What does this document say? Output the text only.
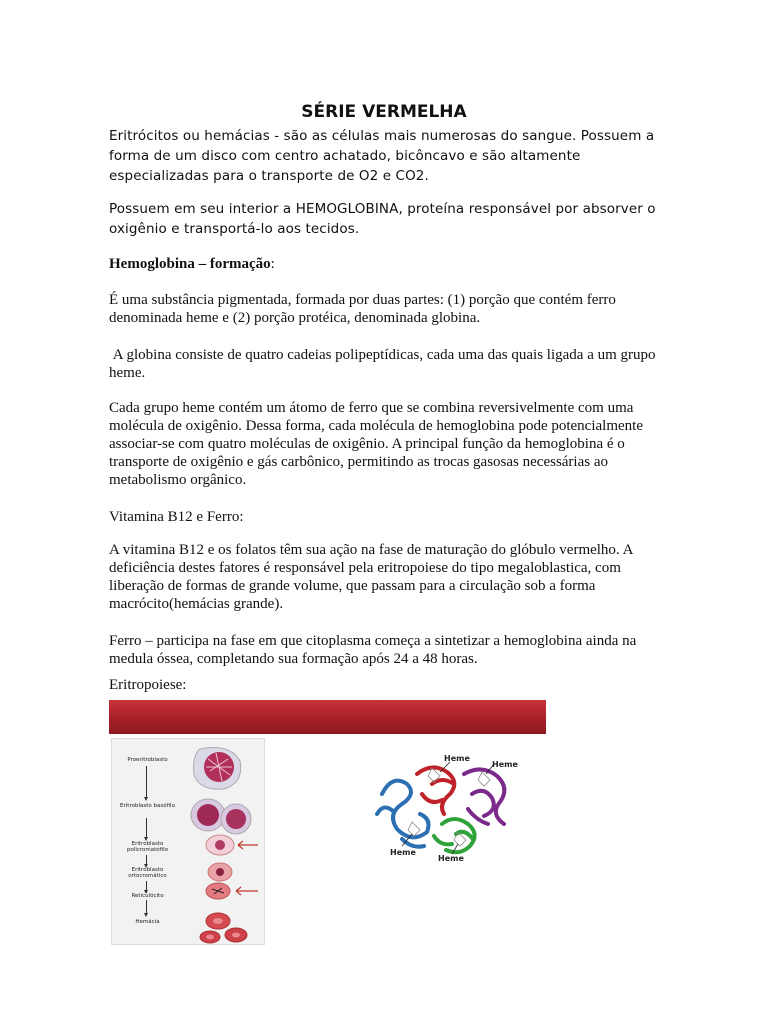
SÉRIE VERMELHA

Eritrócitos ou hemácias - são as células mais numerosas do sangue. Possuem a forma de um disco com centro achatado, bicôncavo e são altamente especializadas para o transporte de O2 e CO2.

Possuem em seu interior a HEMOGLOBINA, proteína responsável por absorver o oxigênio e transportá-lo aos tecidos.

Hemoglobina – formação:

É uma substância pigmentada, formada por duas partes: (1) porção que contém ferro denominada heme e (2) porção protéica, denominada globina.

A globina consiste de quatro cadeias polipeptídicas, cada uma das quais ligada a um grupo heme.

Cada grupo heme contém um átomo de ferro que se combina reversivelmente com uma molécula de oxigênio. Dessa forma, cada molécula de hemoglobina pode potencialmente associar-se com quatro moléculas de oxigênio. A principal função da hemoglobina é o transporte de oxigênio e gás carbônico, permitindo as trocas gasosas necessárias ao metabolismo orgânico.

Vitamina B12 e Ferro:

A vitamina B12 e os folatos têm sua ação na fase de maturação do glóbulo vermelho. A deficiência destes fatores é responsável pela eritropoiese do tipo megaloblastica, com liberação de formas de grande volume, que passam para a circulação sob a forma macrócito(hemácias grande).

Ferro – participa na fase em que citoplasma começa a sintetizar a hemoglobina ainda na medula óssea, completando sua formação após 24 a 48 horas.

Eritropoiese:

Proeritroblasto
Eritroblasto basófilo
Eritroblasto policromatófilo
Eritroblasto ortocromático
Reticulócito
Hemácia
Heme
Heme
Heme
Heme
